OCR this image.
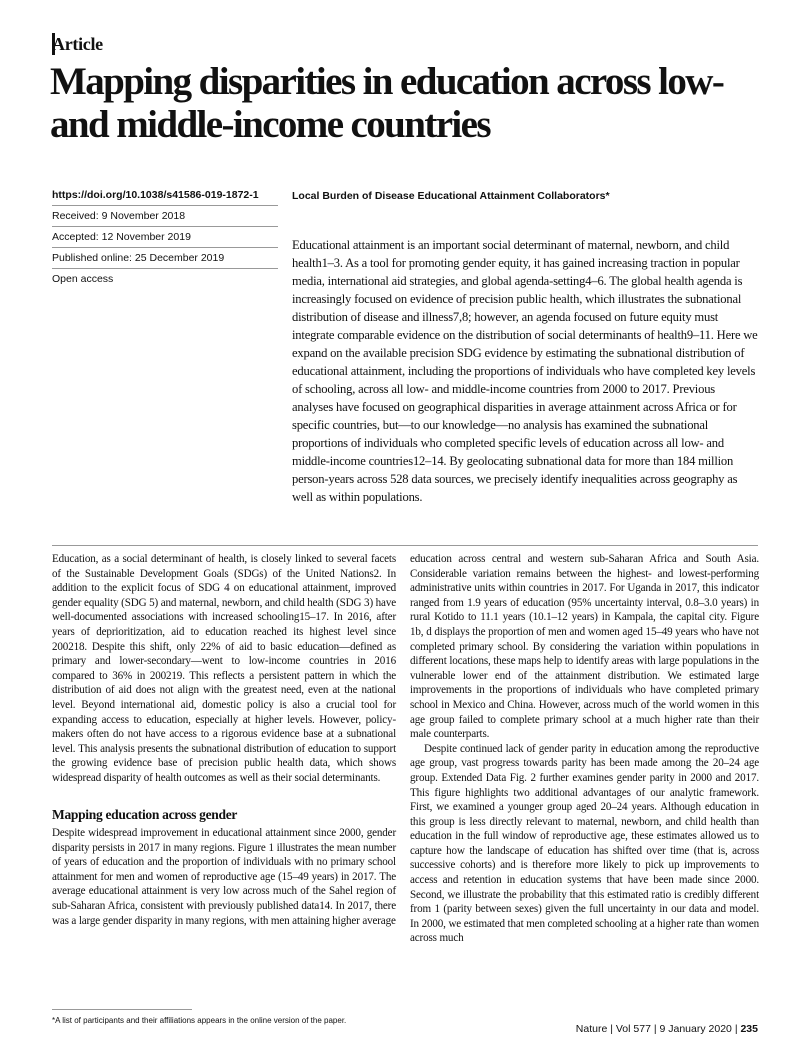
Article
Mapping disparities in education across low- and middle-income countries
https://doi.org/10.1038/s41586-019-1872-1
Received: 9 November 2018
Accepted: 12 November 2019
Published online: 25 December 2019
Open access
Local Burden of Disease Educational Attainment Collaborators*
Educational attainment is an important social determinant of maternal, newborn, and child health1–3. As a tool for promoting gender equity, it has gained increasing traction in popular media, international aid strategies, and global agenda-setting4–6. The global health agenda is increasingly focused on evidence of precision public health, which illustrates the subnational distribution of disease and illness7,8; however, an agenda focused on future equity must integrate comparable evidence on the distribution of social determinants of health9–11. Here we expand on the available precision SDG evidence by estimating the subnational distribution of educational attainment, including the proportions of individuals who have completed key levels of schooling, across all low- and middle-income countries from 2000 to 2017. Previous analyses have focused on geographical disparities in average attainment across Africa or for specific countries, but—to our knowledge—no analysis has examined the subnational proportions of individuals who completed specific levels of education across all low- and middle-income countries12–14. By geolocating subnational data for more than 184 million person-years across 528 data sources, we precisely identify inequalities across geography as well as within populations.

Education, as a social determinant of health, is closely linked to several facets of the Sustainable Development Goals (SDGs) of the United Nations2. In addition to the explicit focus of SDG 4 on educational attainment, improved gender equality (SDG 5) and maternal, newborn, and child health (SDG 3) have well-documented associations with increased schooling15–17. In 2016, after years of deprioritization, aid to education reached its highest level since 200218. Despite this shift, only 22% of aid to basic education—defined as primary and lower-secondary—went to low-income countries in 2016 compared to 36% in 200219. This reflects a persistent pattern in which the distribution of aid does not align with the greatest need, even at the national level. Beyond international aid, domestic policy is also a crucial tool for expanding access to education, especially at higher levels. However, policy-makers often do not have access to a rigorous evidence base at a subnational level. This analysis presents the subnational distribution of education to support the growing evidence base of precision public health data, which shows widespread disparity of health outcomes as well as their social determinants.

Mapping education across gender

Despite widespread improvement in educational attainment since 2000, gender disparity persists in 2017 in many regions. Figure 1 illustrates the mean number of years of education and the proportion of individuals with no primary school attainment for men and women of reproductive age (15–49 years) in 2017. The average educational attainment is very low across much of the Sahel region of sub-Saharan Africa, consistent with previously published data14. In 2017, there was a large gender disparity in many regions, with men attaining higher average

education across central and western sub-Saharan Africa and South Asia. Considerable variation remains between the highest- and lowest-performing administrative units within countries in 2017. For Uganda in 2017, this indicator ranged from 1.9 years of education (95% uncertainty interval, 0.8–3.0 years) in rural Kotido to 11.1 years (10.1–12 years) in Kampala, the capital city. Figure 1b, d displays the proportion of men and women aged 15–49 years who have not completed primary school. By considering the variation within populations in different locations, these maps help to identify areas with large populations in the vulnerable lower end of the attainment distribution. We estimated large improvements in the proportions of individuals who have completed primary school in Mexico and China. However, across much of the world women in this age group failed to complete primary school at a much higher rate than their male counterparts.

Despite continued lack of gender parity in education among the reproductive age group, vast progress towards parity has been made among the 20–24 age group. Extended Data Fig. 2 further examines gender parity in 2000 and 2017. This figure highlights two additional advantages of our analytic framework. First, we examined a younger group aged 20–24 years. Although education in this group is less directly relevant to maternal, newborn, and child health than education in the full window of reproductive age, these estimates allowed us to capture how the landscape of education has shifted over time (that is, across successive cohorts) and is therefore more likely to pick up improvements to access and retention in education systems that have been made since 2000. Second, we illustrate the probability that this estimated ratio is credibly different from 1 (parity between sexes) given the full uncertainty in our data and model. In 2000, we estimated that men completed schooling at a higher rate than women across much

*A list of participants and their affiliations appears in the online version of the paper.
Nature | Vol 577 | 9 January 2020 | 235
